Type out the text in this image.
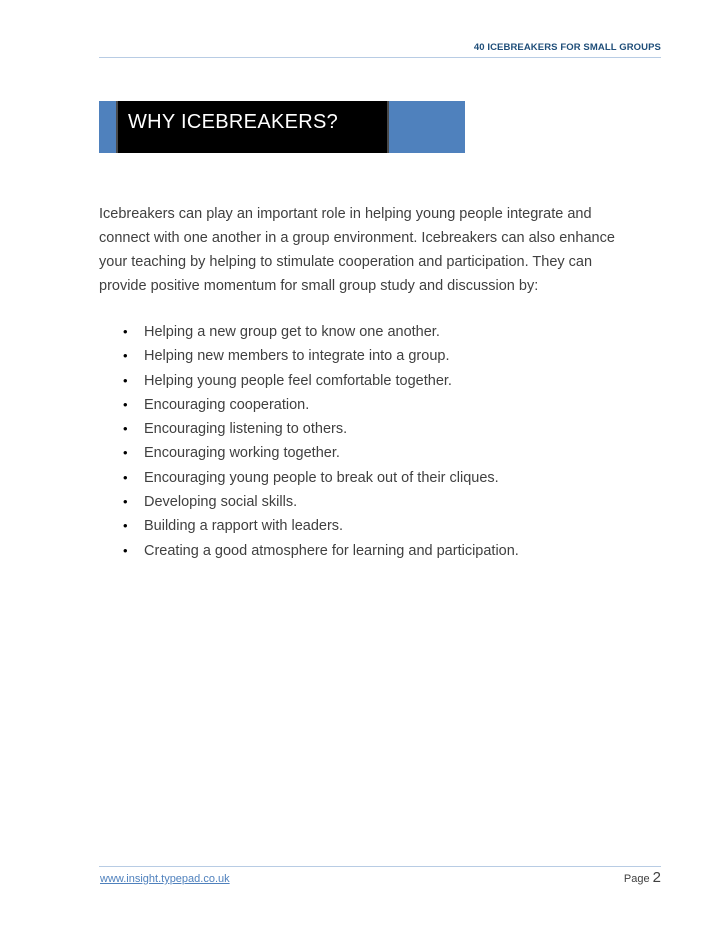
40 ICEBREAKERS FOR SMALL GROUPS
WHY ICEBREAKERS?

Icebreakers can play an important role in helping young people integrate and
connect with one another in a group environment. Icebreakers can also enhance
your teaching by helping to stimulate cooperation and participation. They can
provide positive momentum for small group study and discussion by:

• Helping a new group get to know one another.
• Helping new members to integrate into a group.
• Helping young people feel comfortable together.
• Encouraging cooperation.
• Encouraging listening to others.
• Encouraging working together.
• Encouraging young people to break out of their cliques.
• Developing social skills.
• Building a rapport with leaders.
• Creating a good atmosphere for learning and participation.
www.insight.typepad.co.uk	Page 2
